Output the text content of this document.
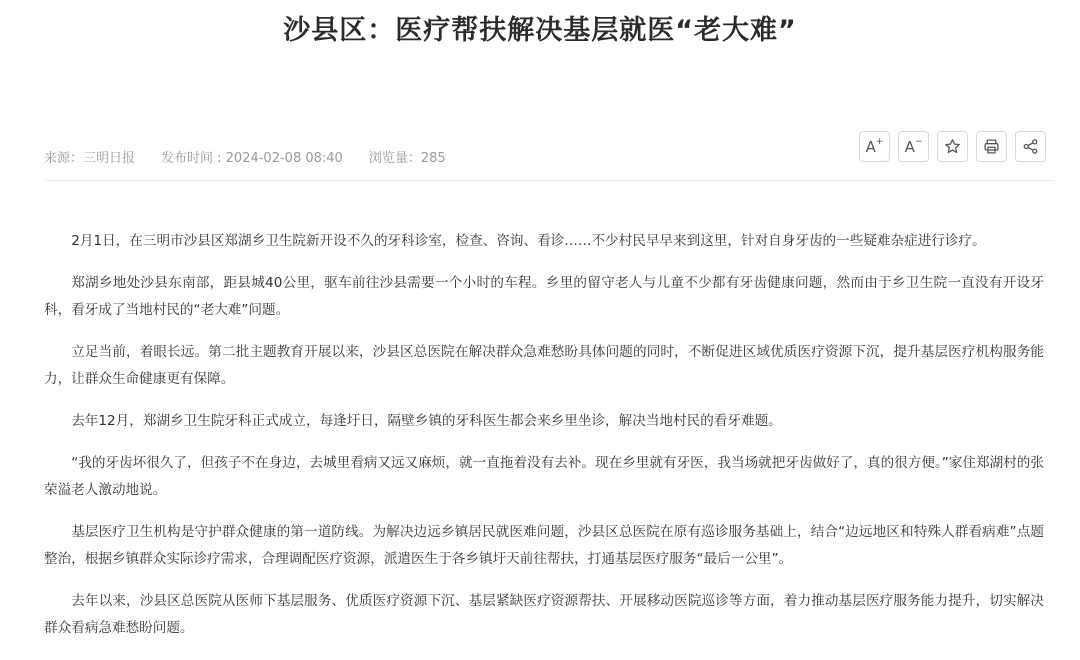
沙县区：医疗帮扶解决基层就医“老大难”
来源：三明日报 发布时间 : 2024-02-08 08:40 浏览量：285
A+ A−

2月1日，在三明市沙县区郑湖乡卫生院新开设不久的牙科诊室，检查、咨询、看诊……不少村民早早来到这里，针对自身牙齿的一些疑难杂症进行诊疗。

郑湖乡地处沙县东南部，距县城40公里，驱车前往沙县需要一个小时的车程。乡里的留守老人与儿童不少都有牙齿健康问题，然而由于乡卫生院一直没有开设牙科，看牙成了当地村民的“老大难”问题。

立足当前，着眼长远。第二批主题教育开展以来，沙县区总医院在解决群众急难愁盼具体问题的同时，不断促进区域优质医疗资源下沉，提升基层医疗机构服务能力，让群众生命健康更有保障。

去年12月，郑湖乡卫生院牙科正式成立，每逢圩日，隔壁乡镇的牙科医生都会来乡里坐诊，解决当地村民的看牙难题。

“我的牙齿坏很久了，但孩子不在身边，去城里看病又远又麻烦，就一直拖着没有去补。现在乡里就有牙医，我当场就把牙齿做好了，真的很方便。”家住郑湖村的张荣溢老人激动地说。

基层医疗卫生机构是守护群众健康的第一道防线。为解决边远乡镇居民就医难问题，沙县区总医院在原有巡诊服务基础上，结合“边远地区和特殊人群看病难”点题整治，根据乡镇群众实际诊疗需求，合理调配医疗资源，派遣医生于各乡镇圩天前往帮扶，打通基层医疗服务“最后一公里”。

去年以来，沙县区总医院从医师下基层服务、优质医疗资源下沉、基层紧缺医疗资源帮扶、开展移动医院巡诊等方面，着力推动基层医疗服务能力提升，切实解决群众看病急难愁盼问题。
